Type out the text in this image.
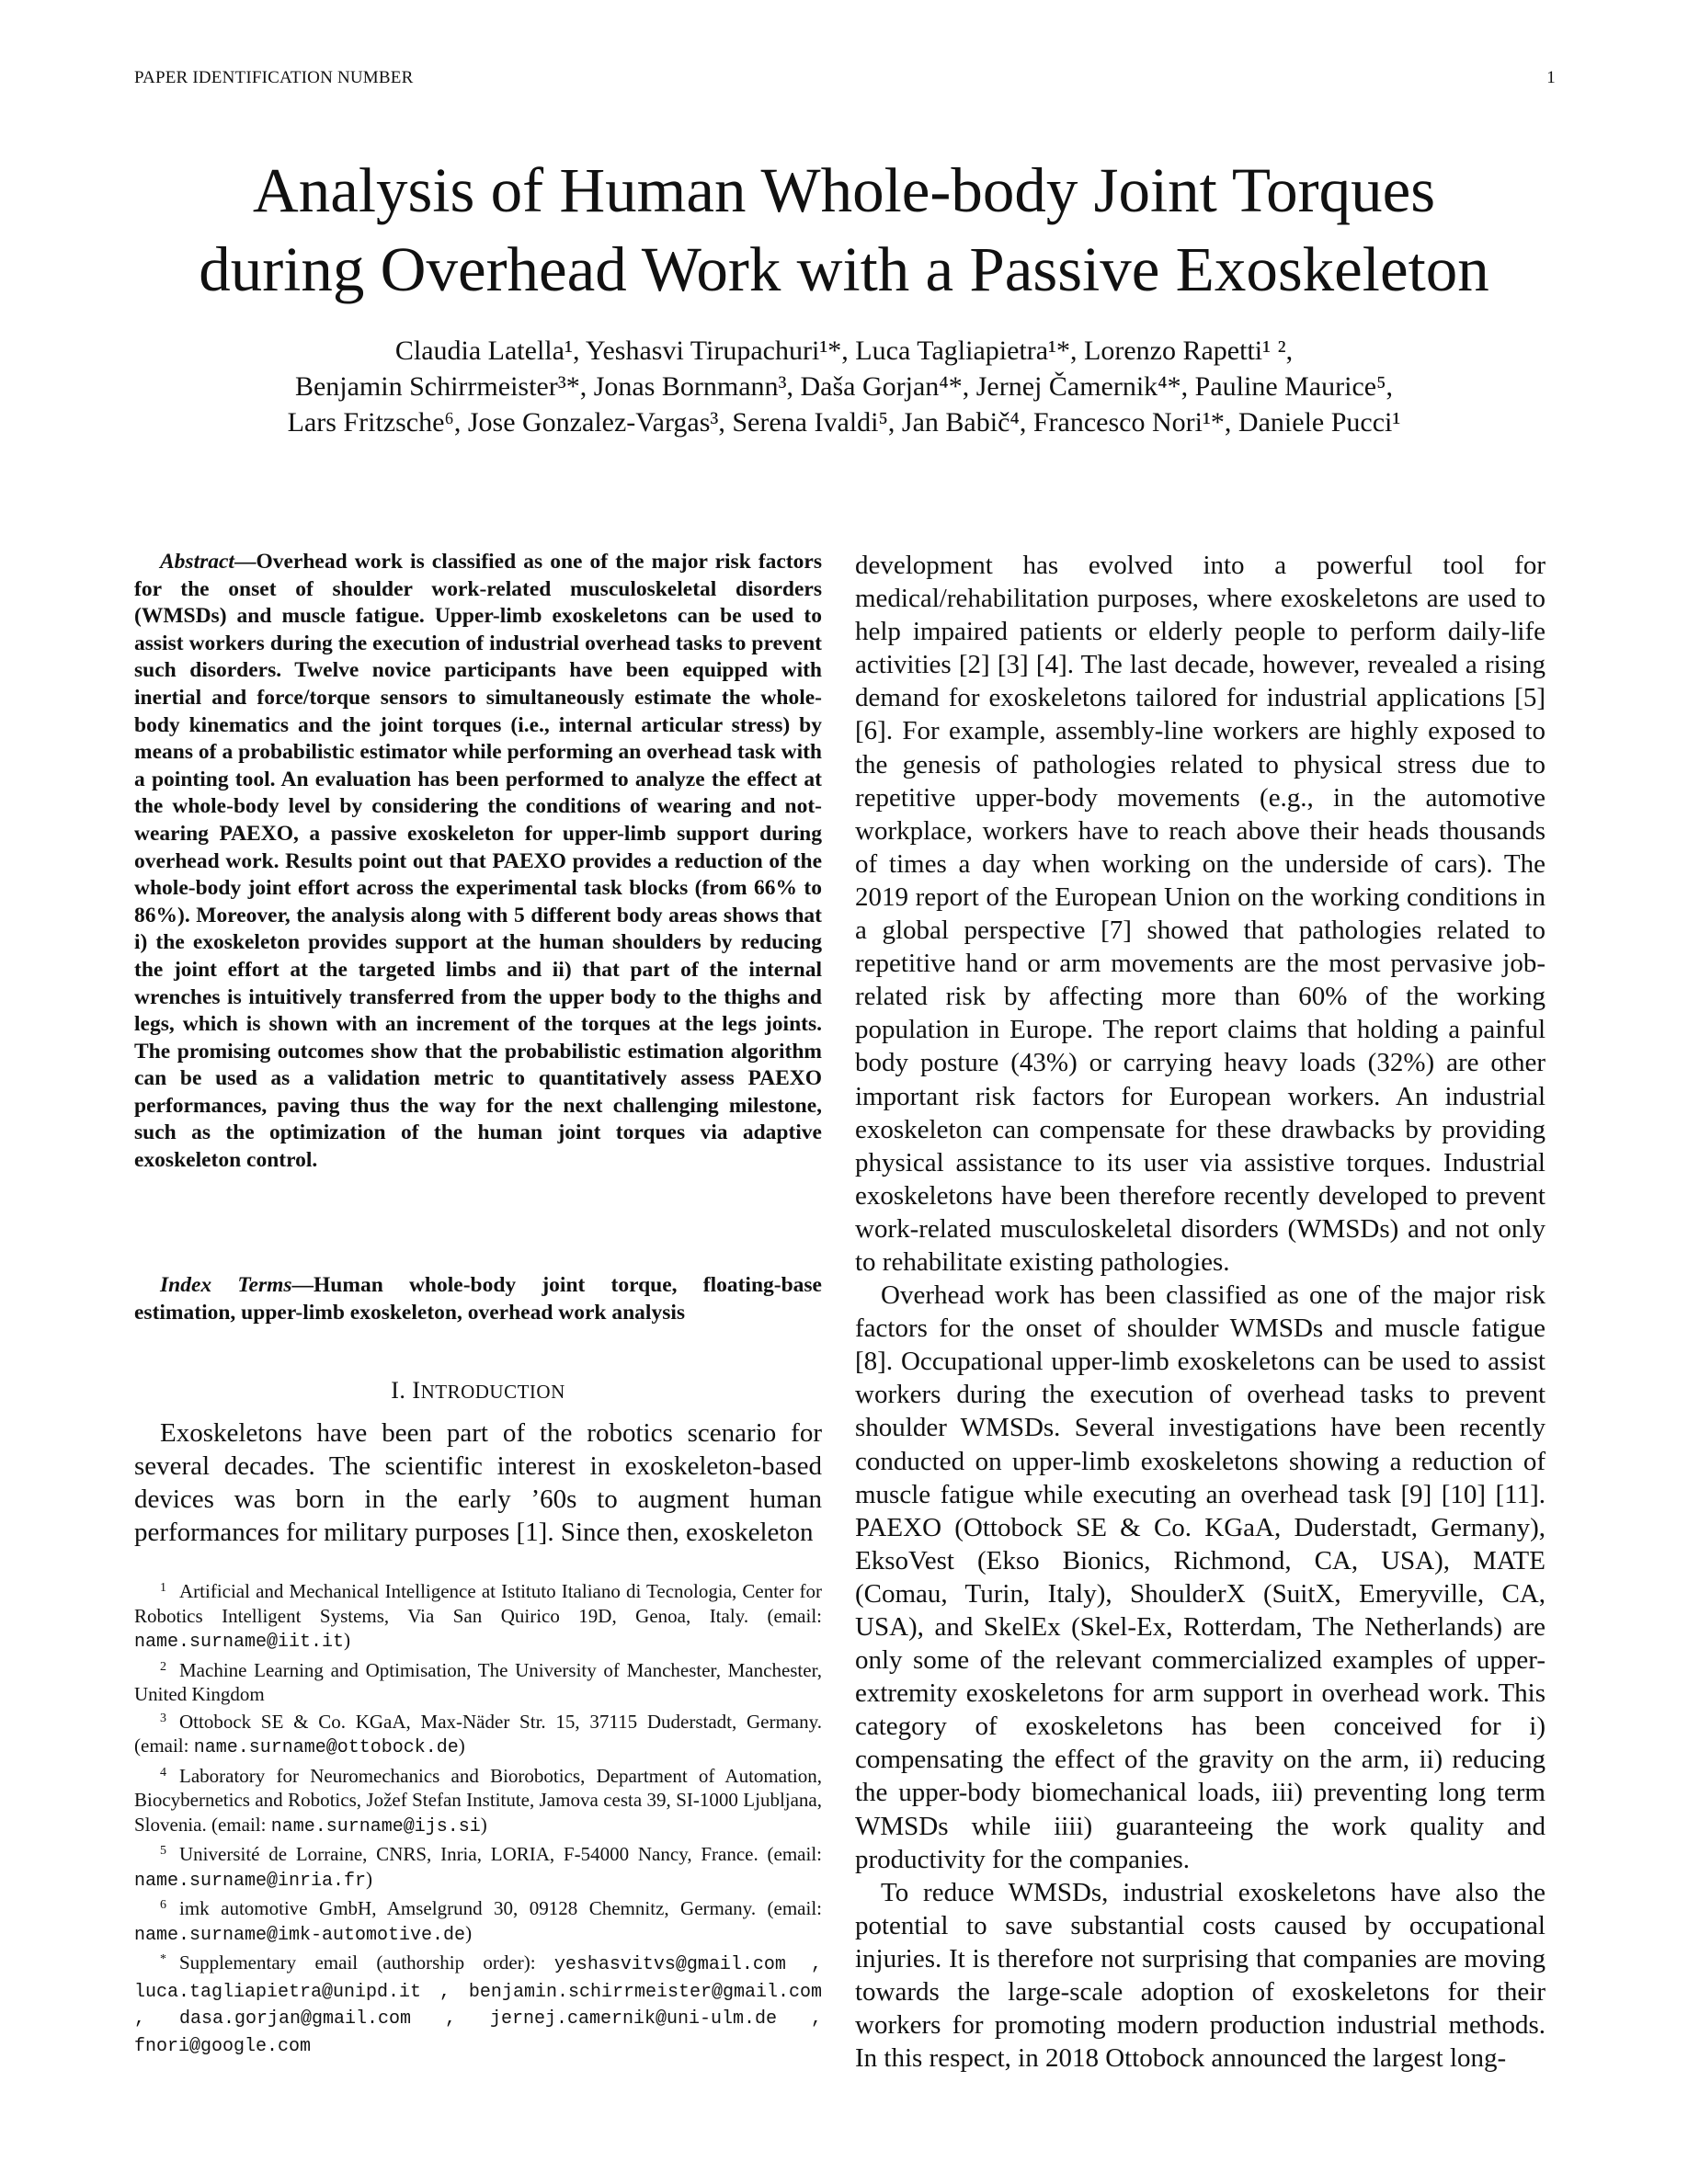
PAPER IDENTIFICATION NUMBER	1
Analysis of Human Whole-body Joint Torques
during Overhead Work with a Passive Exoskeleton

Claudia Latella¹, Yeshasvi Tirupachuri¹*, Luca Tagliapietra¹*, Lorenzo Rapetti¹ ²,
Benjamin Schirrmeister³*, Jonas Bornmann³, Daša Gorjan⁴*, Jernej Čamernik⁴*, Pauline Maurice⁵,
Lars Fritzsche⁶, Jose Gonzalez-Vargas³, Serena Ivaldi⁵, Jan Babič⁴, Francesco Nori¹*, Daniele Pucci¹

Abstract—Overhead work is classified as one of the major risk factors for the onset of shoulder work-related musculoskeletal disorders (WMSDs) and muscle fatigue. Upper-limb exoskeletons can be used to assist workers during the execution of industrial overhead tasks to prevent such disorders. Twelve novice participants have been equipped with inertial and force/torque sensors to simultaneously estimate the whole-body kinematics and the joint torques (i.e., internal articular stress) by means of a probabilistic estimator while performing an overhead task with a pointing tool. An evaluation has been performed to analyze the effect at the whole-body level by considering the conditions of wearing and not-wearing PAEXO, a passive exoskeleton for upper-limb support during overhead work. Results point out that PAEXO provides a reduction of the whole-body joint effort across the experimental task blocks (from 66% to 86%). Moreover, the analysis along with 5 different body areas shows that i) the exoskeleton provides support at the human shoulders by reducing the joint effort at the targeted limbs and ii) that part of the internal wrenches is intuitively transferred from the upper body to the thighs and legs, which is shown with an increment of the torques at the legs joints. The promising outcomes show that the probabilistic estimation algorithm can be used as a validation metric to quantitatively assess PAEXO performances, paving thus the way for the next challenging milestone, such as the optimization of the human joint torques via adaptive exoskeleton control.

Index Terms—Human whole-body joint torque, floating-base estimation, upper-limb exoskeleton, overhead work analysis

I. INTRODUCTION

Exoskeletons have been part of the robotics scenario for several decades. The scientific interest in exoskeleton-based devices was born in the early ’60s to augment human performances for military purposes [1]. Since then, exoskeleton

$^1$ Artificial and Mechanical Intelligence at Istituto Italiano di Tecnologia, Center for Robotics Intelligent Systems, Via San Quirico 19D, Genoa, Italy. (email: name.surname@iit.it)

$^2$ Machine Learning and Optimisation, The University of Manchester, Manchester, United Kingdom

$^3$ Ottobock SE & Co. KGaA, Max-Näder Str. 15, 37115 Duderstadt, Germany. (email: name.surname@ottobock.de)

$^4$ Laboratory for Neuromechanics and Biorobotics, Department of Automation, Biocybernetics and Robotics, Jožef Stefan Institute, Jamova cesta 39, SI-1000 Ljubljana, Slovenia. (email: name.surname@ijs.si)

$^5$ Université de Lorraine, CNRS, Inria, LORIA, F-54000 Nancy, France. (email: name.surname@inria.fr)

$^6$ imk automotive GmbH, Amselgrund 30, 09128 Chemnitz, Germany. (email: name.surname@imk-automotive.de)

* Supplementary email (authorship order): yeshasvitvs@gmail.com , luca.tagliapietra@unipd.it , benjamin.schirrmeister@gmail.com , dasa.gorjan@gmail.com , jernej.camernik@uni-ulm.de , fnori@google.com

development has evolved into a powerful tool for medical/rehabilitation purposes, where exoskeletons are used to help impaired patients or elderly people to perform daily-life activities [2] [3] [4]. The last decade, however, revealed a rising demand for exoskeletons tailored for industrial applications [5] [6]. For example, assembly-line workers are highly exposed to the genesis of pathologies related to physical stress due to repetitive upper-body movements (e.g., in the automotive workplace, workers have to reach above their heads thousands of times a day when working on the underside of cars). The 2019 report of the European Union on the working conditions in a global perspective [7] showed that pathologies related to repetitive hand or arm movements are the most pervasive job-related risk by affecting more than 60% of the working population in Europe. The report claims that holding a painful body posture (43%) or carrying heavy loads (32%) are other important risk factors for European workers. An industrial exoskeleton can compensate for these drawbacks by providing physical assistance to its user via assistive torques. Industrial exoskeletons have been therefore recently developed to prevent work-related musculoskeletal disorders (WMSDs) and not only to rehabilitate existing pathologies.

Overhead work has been classified as one of the major risk factors for the onset of shoulder WMSDs and muscle fatigue [8]. Occupational upper-limb exoskeletons can be used to assist workers during the execution of overhead tasks to prevent shoulder WMSDs. Several investigations have been recently conducted on upper-limb exoskeletons showing a reduction of muscle fatigue while executing an overhead task [9] [10] [11]. PAEXO (Ottobock SE & Co. KGaA, Duderstadt, Germany), EksoVest (Ekso Bionics, Richmond, CA, USA), MATE (Comau, Turin, Italy), ShoulderX (SuitX, Emeryville, CA, USA), and SkelEx (Skel-Ex, Rotterdam, The Netherlands) are only some of the relevant commercialized examples of upper-extremity exoskeletons for arm support in overhead work. This category of exoskeletons has been conceived for i) compensating the effect of the gravity on the arm, ii) reducing the upper-body biomechanical loads, iii) preventing long term WMSDs while iiii) guaranteeing the work quality and productivity for the companies.

To reduce WMSDs, industrial exoskeletons have also the potential to save substantial costs caused by occupational injuries. It is therefore not surprising that companies are moving towards the large-scale adoption of exoskeletons for their workers for promoting modern production industrial methods. In this respect, in 2018 Ottobock announced the largest long-
